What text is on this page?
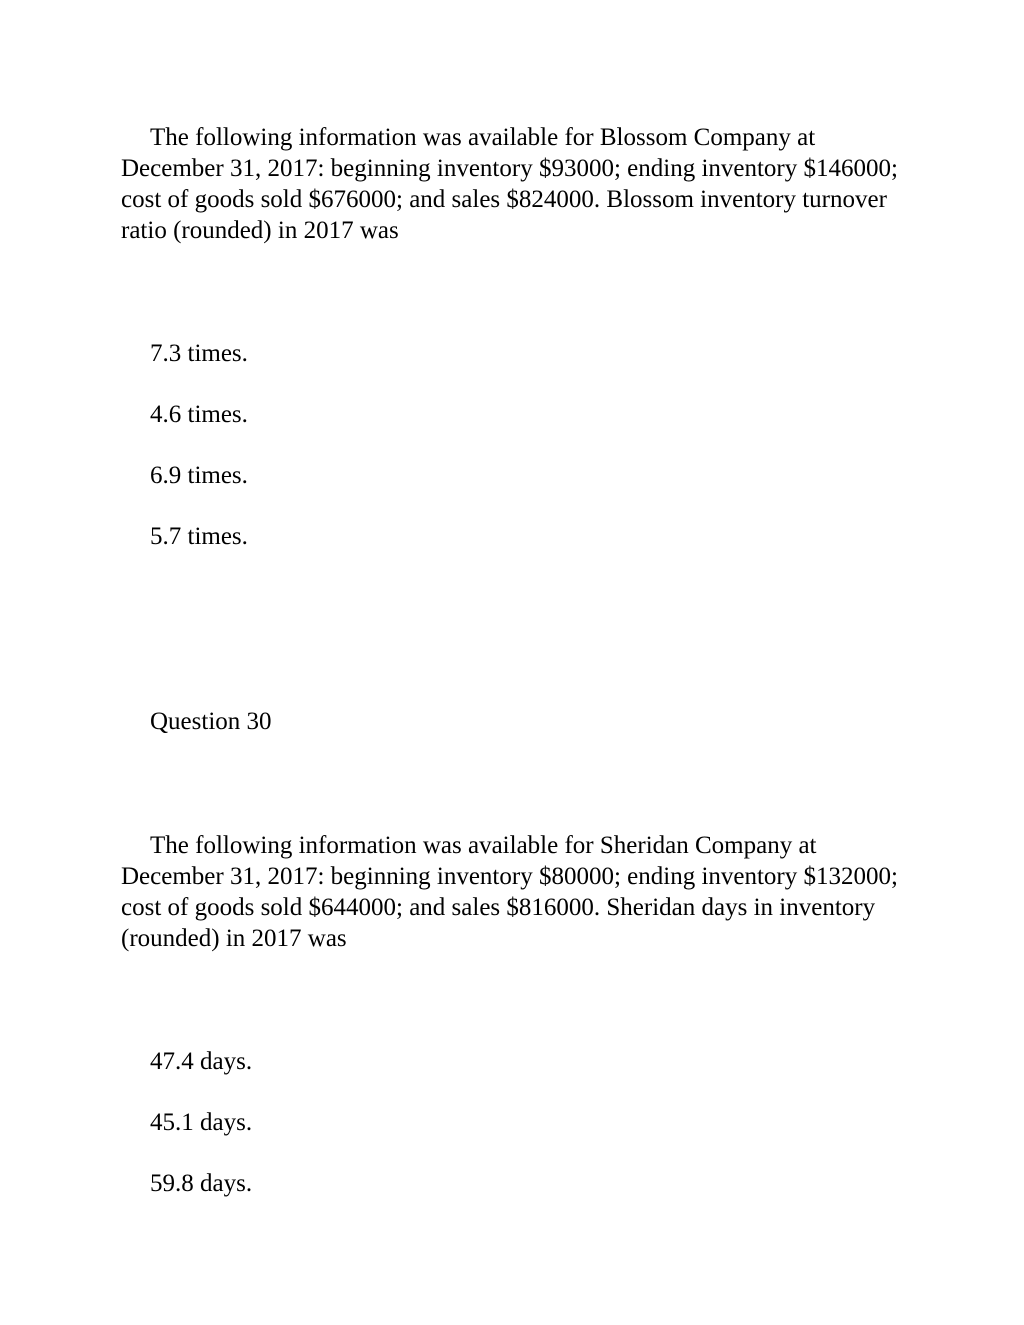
The following information was available for Blossom Company at December 31, 2017: beginning inventory $93000; ending inventory $146000; cost of goods sold $676000; and sales $824000. Blossom inventory turnover ratio (rounded) in 2017 was

7.3 times.

4.6 times.

6.9 times.

5.7 times.

Question 30

The following information was available for Sheridan Company at December 31, 2017: beginning inventory $80000; ending inventory $132000; cost of goods sold $644000; and sales $816000. Sheridan days in inventory (rounded) in 2017 was

47.4 days.

45.1 days.

59.8 days.
